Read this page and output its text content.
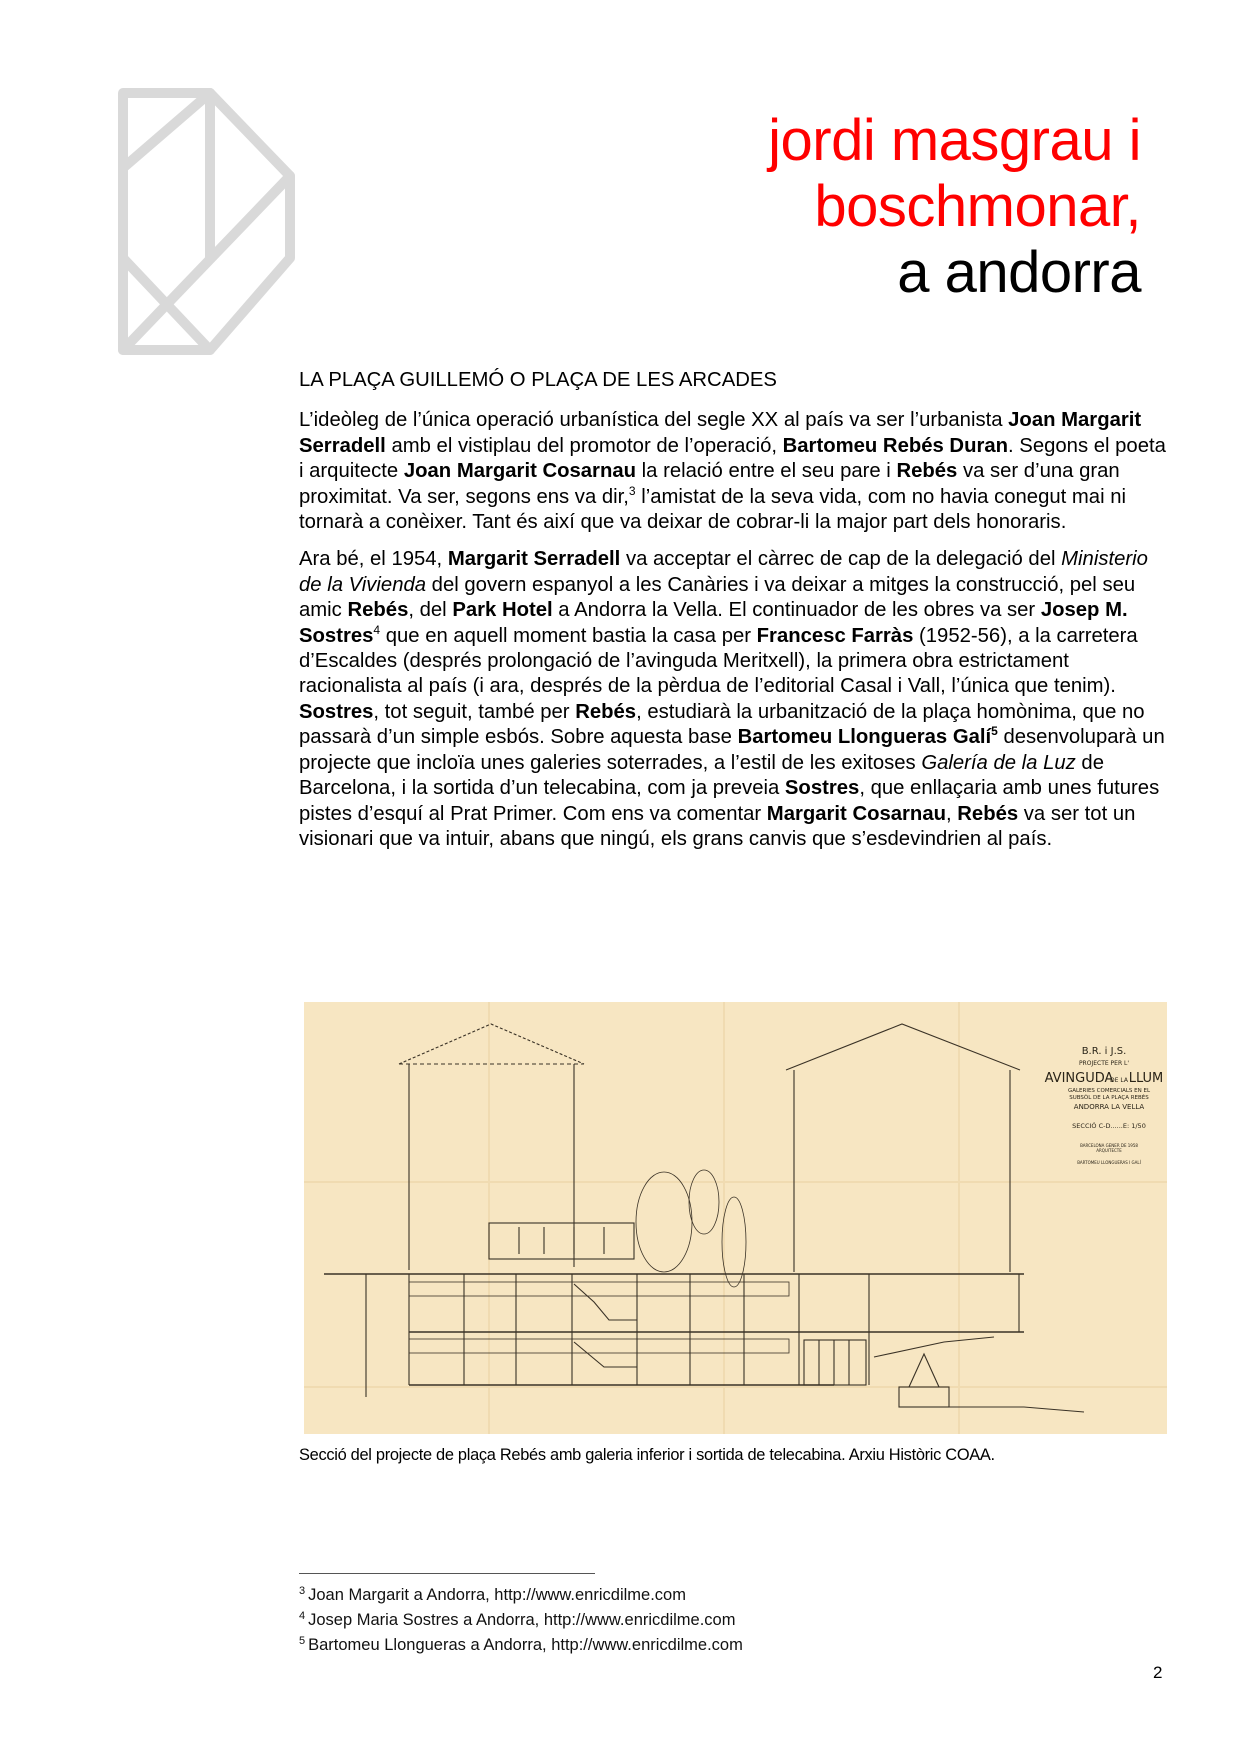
jordi masgrau i
boschmonar,
a andorra
LA PLAÇA GUILLEMÓ O PLAÇA DE LES ARCADES

L’ideòleg de l’única operació urbanística del segle XX al país va ser l’urbanista Joan Margarit Serradell amb el vistiplau del promotor de l’operació, Bartomeu Rebés Duran. Segons el poeta i arquitecte Joan Margarit Cosarnau la relació entre el seu pare i Rebés va ser d’una gran proximitat. Va ser, segons ens va dir,$^3$ l’amistat de la seva vida, com no havia conegut mai ni tornarà a conèixer. Tant és així que va deixar de cobrar-li la major part dels honoraris.

Ara bé, el 1954, Margarit Serradell va acceptar el càrrec de cap de la delegació del Ministerio de la Vivienda del govern espanyol a les Canàries i va deixar a mitges la construcció, pel seu amic Rebés, del Park Hotel a Andorra la Vella. El continuador de les obres va ser Josep M. Sostres$^4$ que en aquell moment bastia la casa per Francesc Farràs (1952-56), a la carretera d’Escaldes (després prolongació de l’avinguda Meritxell), la primera obra estrictament racionalista al país (i ara, després de la pèrdua de l’editorial Casal i Vall, l’única que tenim). Sostres, tot seguit, també per Rebés, estudiarà la urbanització de la plaça homònima, que no passarà d’un simple esbós. Sobre aquesta base Bartomeu Llongueras Galí$^5$ desenvoluparà un projecte que incloïa unes galeries soterrades, a l’estil de les exitoses Galería de la Luz de Barcelona, i la sortida d’un telecabina, com ja preveia Sostres, que enllaçaria amb unes futures pistes d’esquí al Prat Primer. Com ens va comentar Margarit Cosarnau, Rebés va ser tot un visionari que va intuir, abans que ningú, els grans canvis que s’esdevindrien al país.

B.R. i J.S.
PROJECTE PER L'
AVINGUDA
DE LA LLUM
GALERIES COMERCIALS EN EL
SUBSÒL DE LA PLAÇA REBÉS
ANDORRA LA VELLA
SECCIÓ C-D......E: 1/50
BARCELONA GENER DE 1958
ARQUITECTE
BARTOMEU LLONGUERAS I GALÍ
Secció del projecte de plaça Rebés amb galeria inferior i sortida de telecabina. Arxiu Històric COAA.
$^3$ Joan Margarit a Andorra, http://www.enricdilme.com
$^4$ Josep Maria Sostres a Andorra, http://www.enricdilme.com
$^5$ Bartomeu Llongueras a Andorra, http://www.enricdilme.com
2
